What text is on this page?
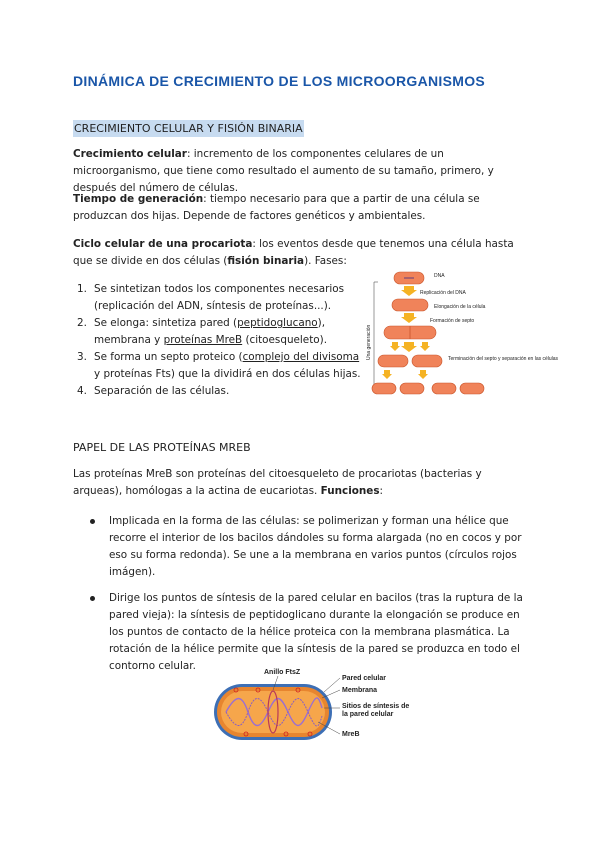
DINÁMICA DE CRECIMIENTO DE LOS MICROORGANISMOS
CRECIMIENTO CELULAR Y FISIÓN BINARIA
Crecimiento celular: incremento de los componentes celulares de un microorganismo, que tiene como resultado el aumento de su tamaño, primero, y después del número de células.
Tiempo de generación: tiempo necesario para que a partir de una célula se produzcan dos hijas. Depende de factores genéticos y ambientales.
Ciclo celular de una procariota: los eventos desde que tenemos una célula hasta que se divide en dos células (fisión binaria). Fases:
1. Se sintetizan todos los componentes necesarios (replicación del ADN, síntesis de proteínas...).
2. Se elonga: sintetiza pared (peptidoglucano), membrana y proteínas MreB (citoesqueleto).
3. Se forma un septo proteico (complejo del divisoma y proteínas Fts) que la dividirá en dos células hijas.
4. Separación de las células.
Una generación
DNA
Replicación del DNA
Elongación de la célula
Formación de septo
Terminación del septo y separación en las células
PAPEL DE LAS PROTEÍNAS MREB
Las proteínas MreB son proteínas del citoesqueleto de procariotas (bacterias y arqueas), homólogas a la actina de eucariotas. Funciones:
Implicada en la forma de las células: se polimerizan y forman una hélice que recorre el interior de los bacilos dándoles su forma alargada (no en cocos y por eso su forma redonda). Se une a la membrana en varios puntos (círculos rojos imágen).
Dirige los puntos de síntesis de la pared celular en bacilos (tras la ruptura de la pared vieja): la síntesis de peptidoglicano durante la elongación se produce en los puntos de contacto de la hélice proteica con la membrana plasmática. La rotación de la hélice permite que la síntesis de la pared se produzca en todo el contorno celular.
Anillo FtsZ
Pared celular
Membrana
Sitios de síntesis de
la pared celular
MreB
